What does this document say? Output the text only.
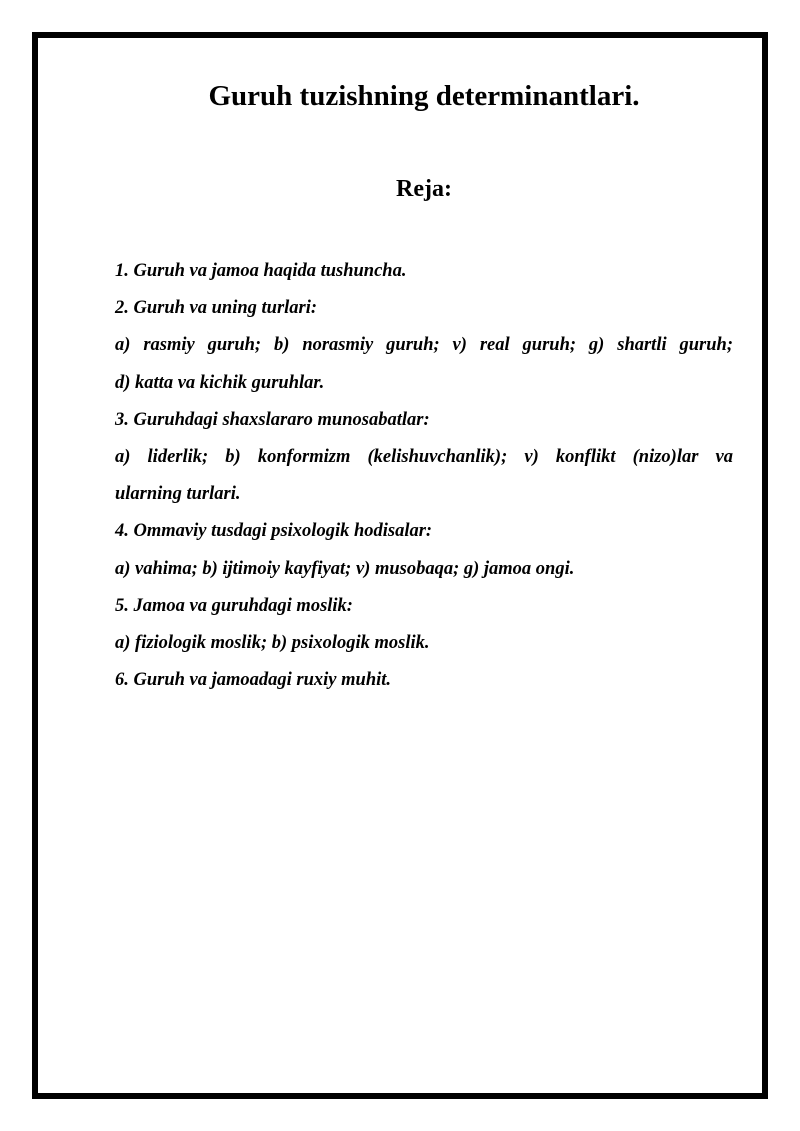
Guruh tuzishning determinantlari.
Reja:
1. Guruh va jamoa haqida tushuncha.
2. Guruh va uning turlari:
a) rasmiy guruh; b) norasmiy guruh; v) real guruh; g) shartli guruh;
d) katta va kichik guruhlar.
3. Guruhdagi shaxslararo munosabatlar:
a) liderlik; b) konformizm (kelishuvchanlik); v) konflikt (nizo)lar va
ularning turlari.
4. Ommaviy tusdagi psixologik hodisalar:
a) vahima; b) ijtimoiy kayfiyat; v) musobaqa; g) jamoa ongi.
5. Jamoa va guruhdagi moslik:
a) fiziologik moslik; b) psixologik moslik.
6. Guruh va jamoadagi ruxiy muhit.
